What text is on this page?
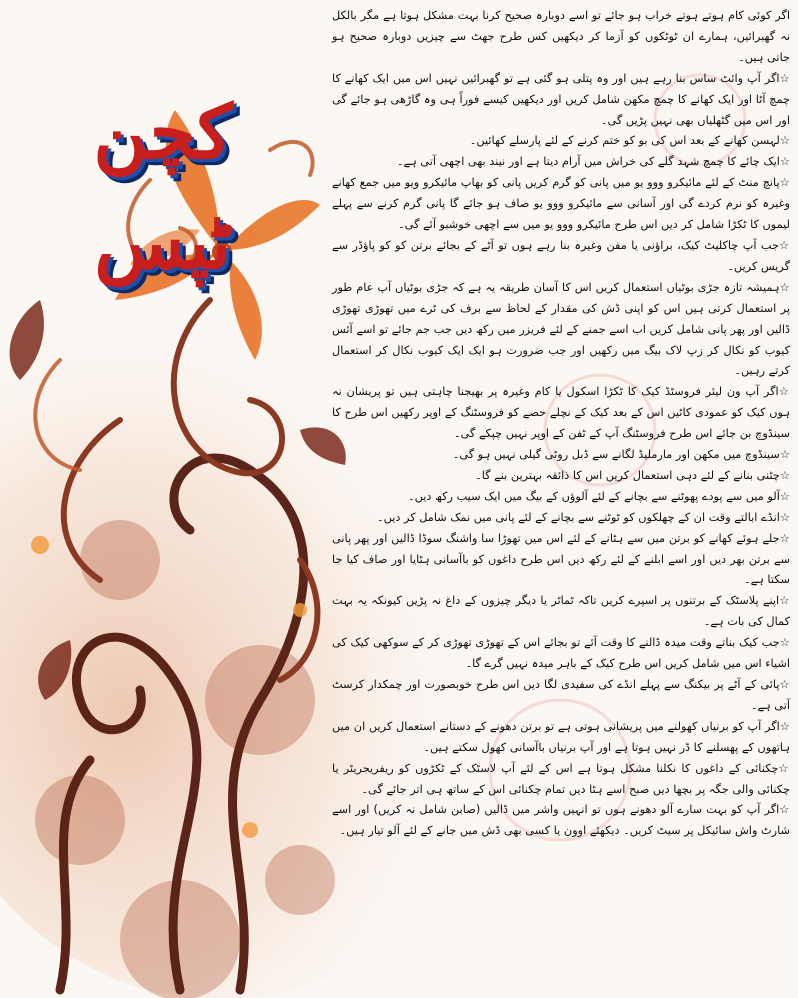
کچن ٹپس

اگر کوئی کام ہوتے ہوتے خراب ہو جائے تو اسے دوبارہ صحیح کرنا بہت مشکل ہوتا ہے مگر بالکل نہ گھبرائیں، ہمارے ان ٹوٹکوں کو آزما کر دیکھیں کس طرح جھٹ سے چیزیں دوبارہ صحیح ہو جاتی ہیں۔

☆اگر آپ وائٹ ساس بنا رہے ہیں اور وہ پتلی ہو گئی ہے تو گھبرائیں نہیں اس میں ایک کھانے کا چمچ آٹا اور ایک کھانے کا چمچ مکھن شامل کریں اور دیکھیں کیسے فوراً ہی وہ گاڑھی ہو جائے گی اور اس میں گٹھلیاں بھی نہیں پڑیں گی۔

☆لہسن کھانے کے بعد اس کی بو کو ختم کرنے کے لئے پارسلے کھائیں۔

☆ایک چائے کا چمچ شہد گلے کی خراش میں آرام دیتا ہے اور نیند بھی اچھی آتی ہے۔

☆پانچ منٹ کے لئے مائیکرو ووو یو میں پانی کو گرم کریں پانی کو بھاپ مائیکرو ویو میں جمع کھانے وغیرہ کو نرم کردے گی اور آسانی سے مائیکرو ووو یو صاف ہو جائے گا پانی گرم کرنے سے پہلے لیموں کا ٹکڑا شامل کر دیں اس طرح مائیکرو ووو یو میں سے اچھی خوشبو آئے گی۔

☆جب آپ چاکلیٹ کیک، براؤنی یا مفن وغیرہ بنا رہے ہوں تو آٹے کے بجائے برتن کو کو پاؤڈر سے گریس کریں۔

☆ہمیشہ تازہ جڑی بوٹیاں استعمال کریں اس کا آسان طریقہ یہ ہے کہ جڑی بوٹیاں آپ عام طور پر استعمال کرتی ہیں اس کو اپنی ڈش کی مقدار کے لحاظ سے برف کی ٹرے میں تھوڑی تھوڑی ڈالیں اور پھر پانی شامل کریں اب اسے جمنے کے لئے فریزر میں رکھ دیں جب جم جائے تو اسے آئس کیوب کو نکال کر زپ لاک بیگ میں رکھیں اور جب ضرورت ہو ایک ایک کیوب نکال کر استعمال کرتے رہیں۔

☆اگر آپ ون لیئر فروسٹڈ کیک کا ٹکڑا اسکول یا کام وغیرہ پر بھیجنا چاہتی ہیں تو پریشان نہ ہوں کیک کو عمودی کاٹیں اس کے بعد کیک کے نچلے حصے کو فروسٹنگ کے اوپر رکھیں اس طرح کا سینڈوچ بن جائے اس طرح فروسٹنگ آپ کے ٹفن کے اوپر نہیں چپکے گی۔

☆سینڈوچ میں مکھن اور مارملیڈ لگانے سے ڈبل روٹی گیلی نہیں ہو گی۔

☆چٹنی بنانے کے لئے دہی استعمال کریں اس کا ذائقہ بہترین بنے گا۔

☆آلو میں سے پودے پھوٹنے سے بچانے کے لئے آلوؤں کے بیگ میں ایک سیب رکھ دیں۔

☆انڈے ابالتے وقت ان کے چھلکوں کو ٹوٹنے سے بچانے کے لئے پانی میں نمک شامل کر دیں۔

☆جلے ہوئے کھانے کو برتن میں سے ہٹانے کے لئے اس میں تھوڑا سا واشنگ سوڈا ڈالیں اور پھر پانی سے برتن بھر دیں اور اسے ابلنے کے لئے رکھ دیں اس طرح داغوں کو باآسانی ہٹایا اور صاف کیا جا سکتا ہے۔

☆اپنے پلاسٹک کے برتنوں پر اسپرے کریں تاکہ ٹماٹر یا دیگر چیزوں کے داغ نہ پڑیں کیونکہ یہ بہت کمال کی بات ہے۔

☆جب کیک بناتے وقت میدہ ڈالنے کا وقت آئے تو بجائے اس کے تھوڑی تھوڑی کر کے سوکھی کیک کی اشیاء اس میں شامل کریں اس طرح کیک کے باہر میدہ نہیں گرے گا۔

☆پائی کے آٹے پر بیکنگ سے پہلے انڈے کی سفیدی لگا دیں اس طرح خوبصورت اور چمکدار کرسٹ آتی ہے۔

☆اگر آپ کو برنیاں کھولنے میں پریشانی ہوتی ہے تو برتن دھونے کے دستانے استعمال کریں ان میں ہاتھوں کے پھسلنے کا ڈر نہیں ہوتا ہے اور آپ برنیاں باآسانی کھول سکتے ہیں۔

☆چکنائی کے داغوں کا نکلنا مشکل ہوتا ہے اس کے لئے آپ لاسٹک کے ٹکڑوں کو ریفریجریٹر یا چکنائی والی جگہ پر بچھا دیں صبح اسے ہٹا دیں تمام چکنائی اس کے ساتھ ہی اتر جائے گی۔

☆اگر آپ کو بہت سارے آلو دھونے ہوں تو انہیں واشر میں ڈالیں (صابن شامل نہ کریں) اور اسے شارٹ واش سائیکل پر سیٹ کریں۔ دیکھئے اوون یا کسی بھی ڈش میں جانے کے لئے آلو تیار ہیں۔
